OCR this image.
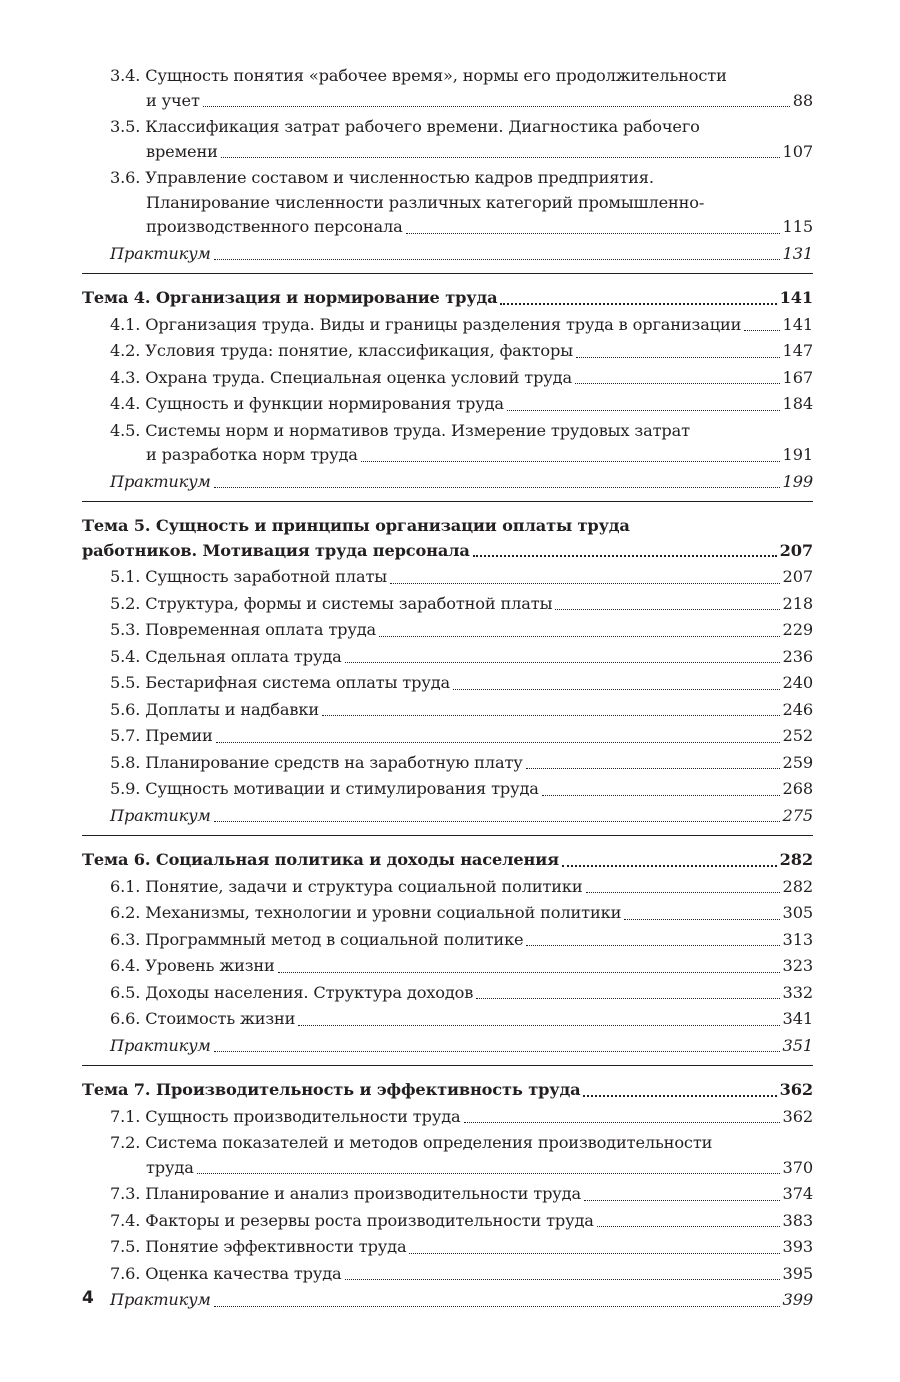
3.4. Сущность понятия «рабочее время», нормы его продолжительности
и учет	88
3.5. Классификация затрат рабочего времени. Диагностика рабочего
времени	107
3.6. Управление составом и численностью кадров предприятия.
Планирование численности различных категорий промышленно-
производственного персонала	115
Практикум	131
Тема 4. Организация и нормирование труда	141
4.1. Организация труда. Виды и границы разделения труда в организации	141
4.2. Условия труда: понятие, классификация, факторы	147
4.3. Охрана труда. Специальная оценка условий труда	167
4.4. Сущность и функции нормирования труда	184
4.5. Системы норм и нормативов труда. Измерение трудовых затрат
и разработка норм труда	191
Практикум	199
Тема 5. Сущность и принципы организации оплаты труда
работников. Мотивация труда персонала	207
5.1. Сущность заработной платы	207
5.2. Структура, формы и системы заработной платы	218
5.3. Повременная оплата труда	229
5.4. Сдельная оплата труда	236
5.5. Бестарифная система оплаты труда	240
5.6. Доплаты и надбавки	246
5.7. Премии	252
5.8. Планирование средств на заработную плату	259
5.9. Сущность мотивации и стимулирования труда	268
Практикум	275
Тема 6. Социальная политика и доходы населения	282
6.1. Понятие, задачи и структура социальной политики	282
6.2. Механизмы, технологии и уровни социальной политики	305
6.3. Программный метод в социальной политике	313
6.4. Уровень жизни	323
6.5. Доходы населения. Структура доходов	332
6.6. Стоимость жизни	341
Практикум	351
Тема 7. Производительность и эффективность труда	362
7.1. Сущность производительности труда	362
7.2. Система показателей и методов определения производительности
труда	370
7.3. Планирование и анализ производительности труда	374
7.4. Факторы и резервы роста производительности труда	383
7.5. Понятие эффективности труда	393
7.6. Оценка качества труда	395
Практикум	399
4
